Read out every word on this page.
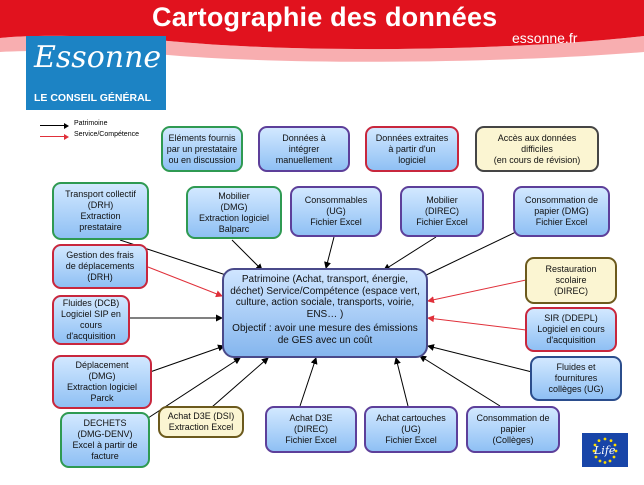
Cartographie des données
essonne.fr
Essonne
LE CONSEIL GÉNÉRAL
Patrimoine
Service/Compétence	Eléments fournis
par un prestataire
ou en discussion
Données à
intégrer
manuellement
Données extraites
à partir d'un
logiciel
Accès aux données
difficiles
(en cours de révision)
Transport collectif
(DRH)
Extraction
prestataire
Mobilier
(DMG)
Extraction logiciel
Balparc
Consommables
(UG)
Fichier Excel
Mobilier
(DIREC)
Fichier Excel
Consommation de
papier (DMG)
Fichier Excel
Gestion des frais
de déplacements
(DRH)
Restauration
scolaire
(DIREC)
Fluides (DCB)
Logiciel SIP en
cours
d'acquisition
SIR (DDEPL)
Logiciel en cours
d'acquisition
Déplacement
(DMG)
Extraction logiciel
Parck
Fluides et
fournitures
collèges (UG)
DECHETS
(DMG-DENV)
Excel à partir de
facture
Achat D3E (DSI)
Extraction Excel
Achat D3E
(DIREC)
Fichier Excel
Achat cartouches
(UG)
Fichier Excel
Consommation de
papier
(Collèges)
Patrimoine (Achat, transport, énergie, déchet) Service/Compétence (espace vert, culture, action sociale, transports, voirie, ENS… )
Objectif : avoir une mesure des émissions de GES avec un coût
Life
